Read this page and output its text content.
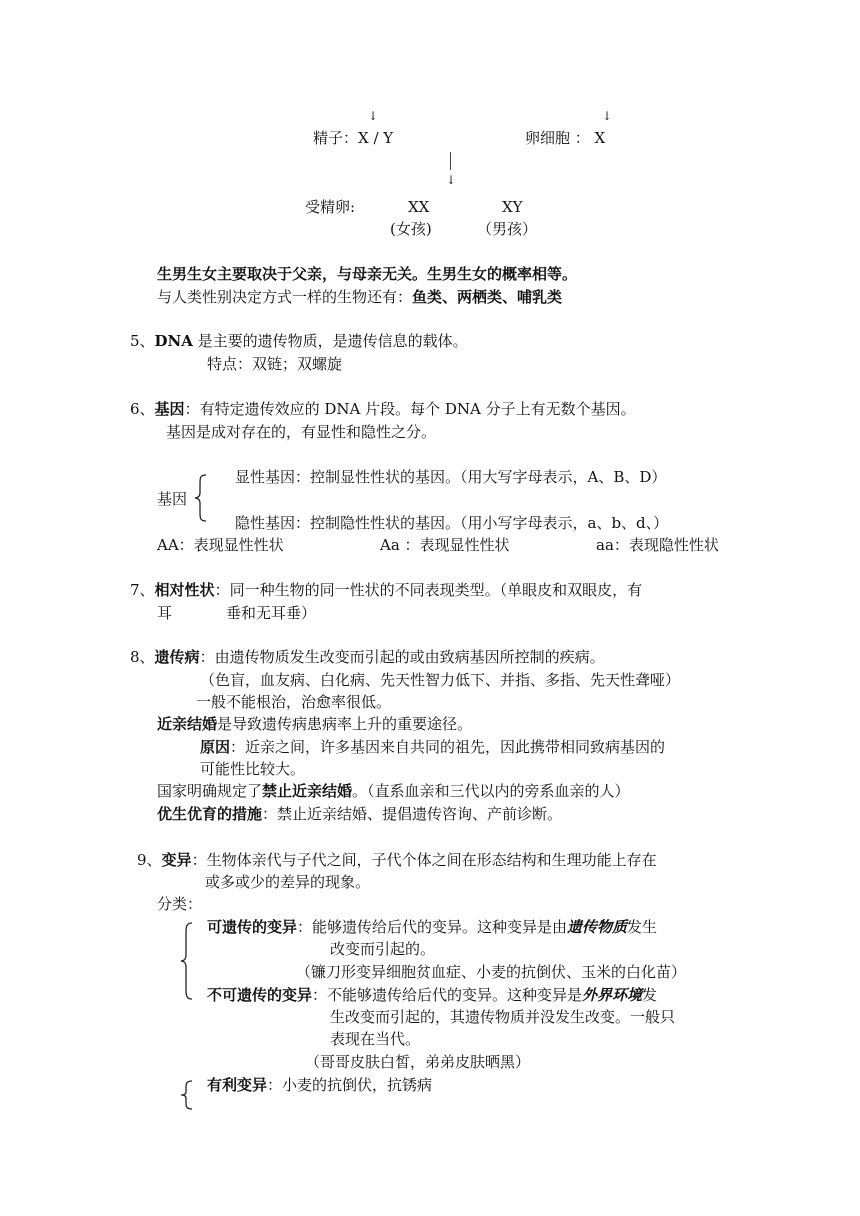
↓	↓
精子：X / Y	卵细胞 ： X
↓
受精卵:	XX	XY
(女孩)	（男孩）
生男生女主要取决于父亲，与母亲无关。生男生女的概率相等。
与人类性别决定方式一样的生物还有：鱼类、两栖类、哺乳类
5、DNA 是主要的遗传物质，是遗传信息的载体。
特点：双链；双螺旋
6、基因：有特定遗传效应的 DNA 片段。每个 DNA 分子上有无数个基因。
基因是成对存在的，有显性和隐性之分。
显性基因：控制显性性状的基因。（用大写字母表示，A、B、D）
基因
隐性基因：控制隐性性状的基因。（用小写字母表示，a、b、d、）
AA：表现显性性状	Aa ：表现显性性状	aa：表现隐性性状
7、相对性状：同一种生物的同一性状的不同表现类型。（单眼皮和双眼皮，有
耳	垂和无耳垂）
8、遗传病：由遗传物质发生改变而引起的或由致病基因所控制的疾病。
（色盲，血友病、白化病、先天性智力低下、并指、多指、先天性聋哑）
一般不能根治，治愈率很低。
近亲结婚是导致遗传病患病率上升的重要途径。
原因：近亲之间，许多基因来自共同的祖先，因此携带相同致病基因的
可能性比较大。
国家明确规定了禁止近亲结婚。（直系血亲和三代以内的旁系血亲的人）
优生优育的措施：禁止近亲结婚、提倡遗传咨询、产前诊断。
9、变异：生物体亲代与子代之间，子代个体之间在形态结构和生理功能上存在
或多或少的差异的现象。
分类：
可遗传的变异：能够遗传给后代的变异。这种变异是由遗传物质发生
改变而引起的。
（镰刀形变异细胞贫血症、小麦的抗倒伏、玉米的白化苗）
不可遗传的变异：不能够遗传给后代的变异。这种变异是外界环境发
生改变而引起的，其遗传物质并没发生改变。一般只
表现在当代。
（哥哥皮肤白皙，弟弟皮肤晒黑）
有利变异：小麦的抗倒伏，抗锈病
